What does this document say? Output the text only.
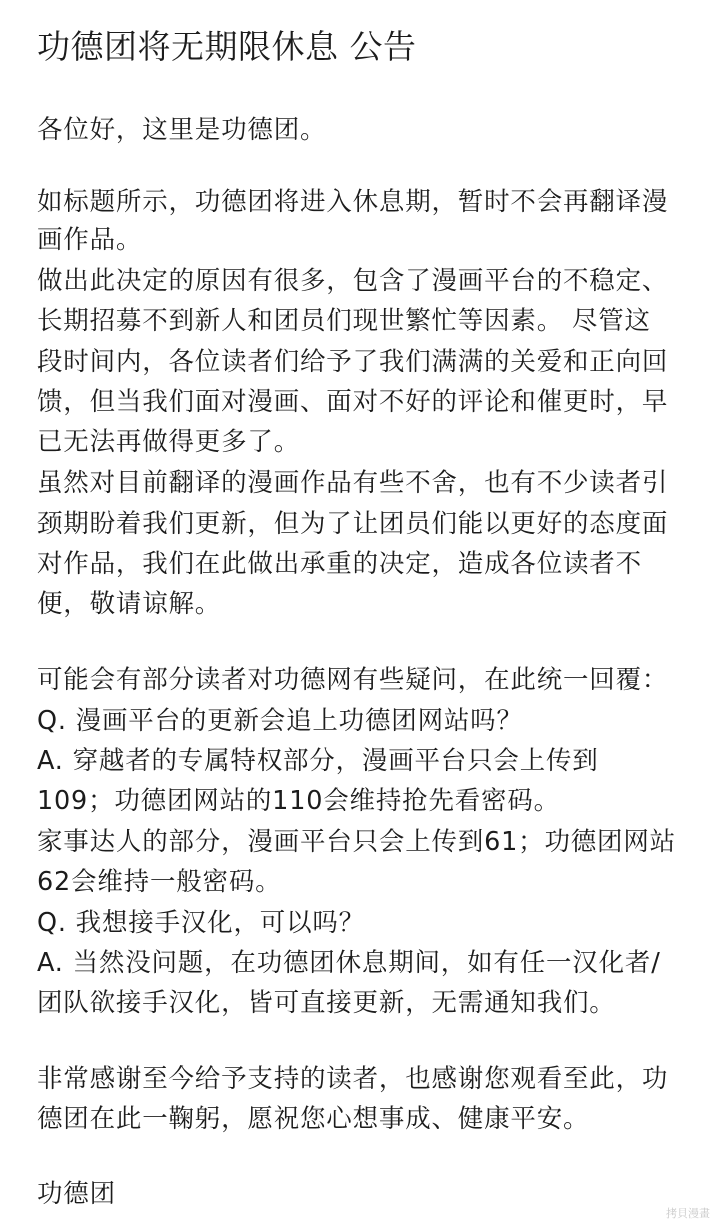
功德团将无期限休息 公告
各位好，这里是功德团。
如标题所示，功德团将进入休息期，暂时不会再翻译漫
画作品。
做出此决定的原因有很多，包含了漫画平台的不稳定、
长期招募不到新人和团员们现世繁忙等因素。 尽管这
段时间内，各位读者们给予了我们满满的关爱和正向回
馈，但当我们面对漫画、面对不好的评论和催更时，早
已无法再做得更多了。
虽然对目前翻译的漫画作品有些不舍，也有不少读者引
颈期盼着我们更新，但为了让团员们能以更好的态度面
对作品，我们在此做出承重的决定，造成各位读者不
便，敬请谅解。
可能会有部分读者对功德网有些疑问，在此统一回覆：
Q. 漫画平台的更新会追上功德团网站吗？
A. 穿越者的专属特权部分，漫画平台只会上传到
109；功德团网站的110会维持抢先看密码。
家事达人的部分，漫画平台只会上传到61；功德团网站
62会维持一般密码。
Q. 我想接手汉化，可以吗？
A. 当然没问题，在功德团休息期间，如有任一汉化者/
团队欲接手汉化，皆可直接更新，无需通知我们。
非常感谢至今给予支持的读者，也感谢您观看至此，功
德团在此一鞠躬，愿祝您心想事成、健康平安。
功德团
拷貝漫畫
